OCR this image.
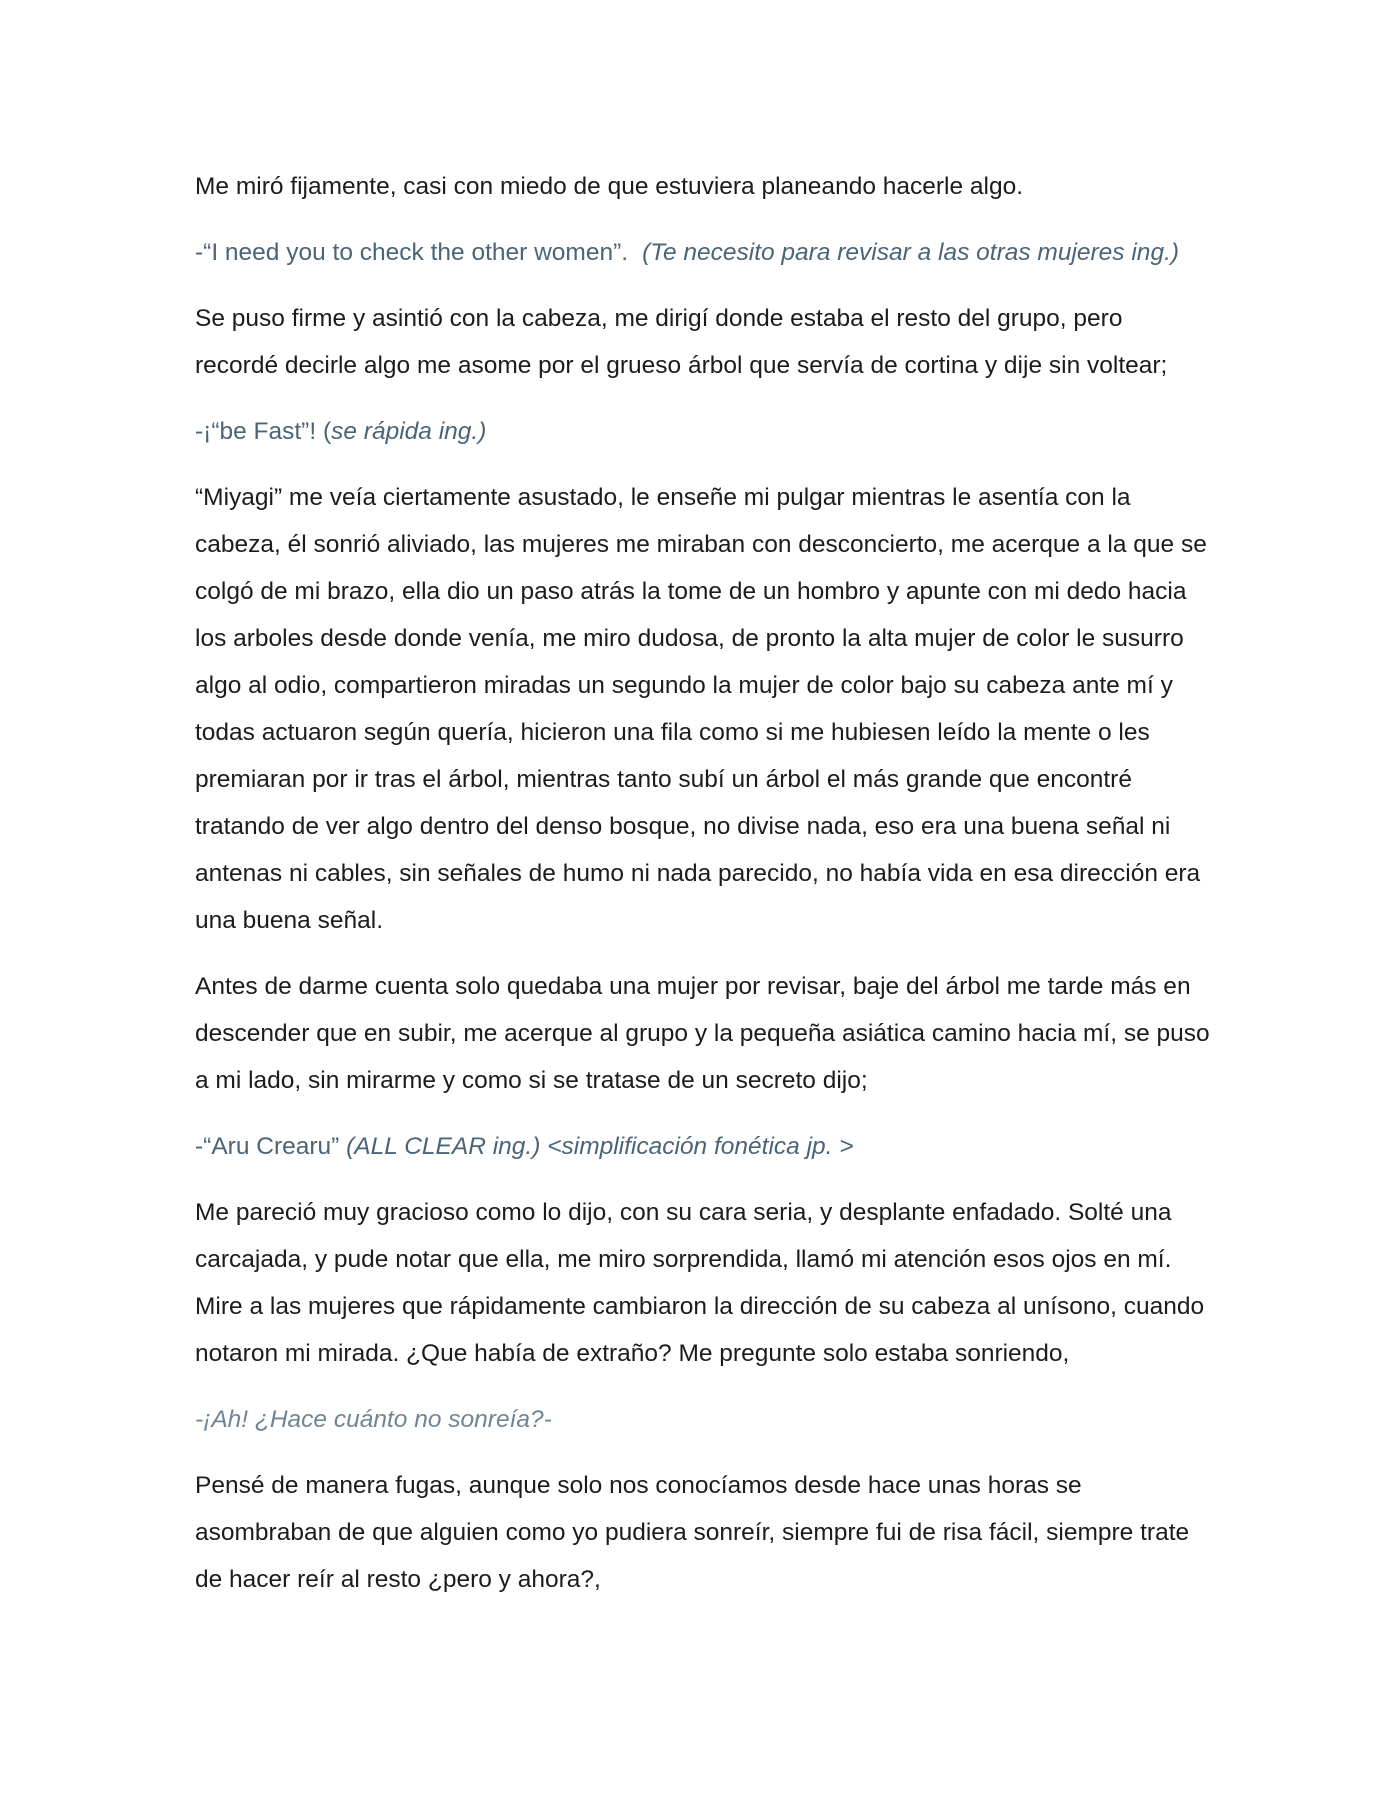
Me miró fijamente, casi con miedo de que estuviera planeando hacerle algo.

-“I need you to check the other women”. (Te necesito para revisar a las otras mujeres ing.)

Se puso firme y asintió con la cabeza, me dirigí donde estaba el resto del grupo, pero recordé decirle algo me asome por el grueso árbol que servía de cortina y dije sin voltear;

-¡“be Fast”! (se rápida ing.)

“Miyagi” me veía ciertamente asustado, le enseñe mi pulgar mientras le asentía con la cabeza, él sonrió aliviado, las mujeres me miraban con desconcierto, me acerque a la que se colgó de mi brazo, ella dio un paso atrás la tome de un hombro y apunte con mi dedo hacia los arboles desde donde venía, me miro dudosa, de pronto la alta mujer de color le susurro algo al odio, compartieron miradas un segundo la mujer de color bajo su cabeza ante mí y todas actuaron según quería, hicieron una fila como si me hubiesen leído la mente o les premiaran por ir tras el árbol, mientras tanto subí un árbol el más grande que encontré tratando de ver algo dentro del denso bosque, no divise nada, eso era una buena señal ni antenas ni cables, sin señales de humo ni nada parecido, no había vida en esa dirección era una buena señal.

Antes de darme cuenta solo quedaba una mujer por revisar, baje del árbol me tarde más en descender que en subir, me acerque al grupo y la pequeña asiática camino hacia mí, se puso a mi lado, sin mirarme y como si se tratase de un secreto dijo;

-“Aru Crearu” (ALL CLEAR ing.) <simplificación fonética jp. >

Me pareció muy gracioso como lo dijo, con su cara seria, y desplante enfadado. Solté una carcajada, y pude notar que ella, me miro sorprendida, llamó mi atención esos ojos en mí. Mire a las mujeres que rápidamente cambiaron la dirección de su cabeza al unísono, cuando notaron mi mirada. ¿Que había de extraño? Me pregunte solo estaba sonriendo,

-¡Ah! ¿Hace cuánto no sonreía?-

Pensé de manera fugas, aunque solo nos conocíamos desde hace unas horas se asombraban de que alguien como yo pudiera sonreír, siempre fui de risa fácil, siempre trate de hacer reír al resto ¿pero y ahora?,
